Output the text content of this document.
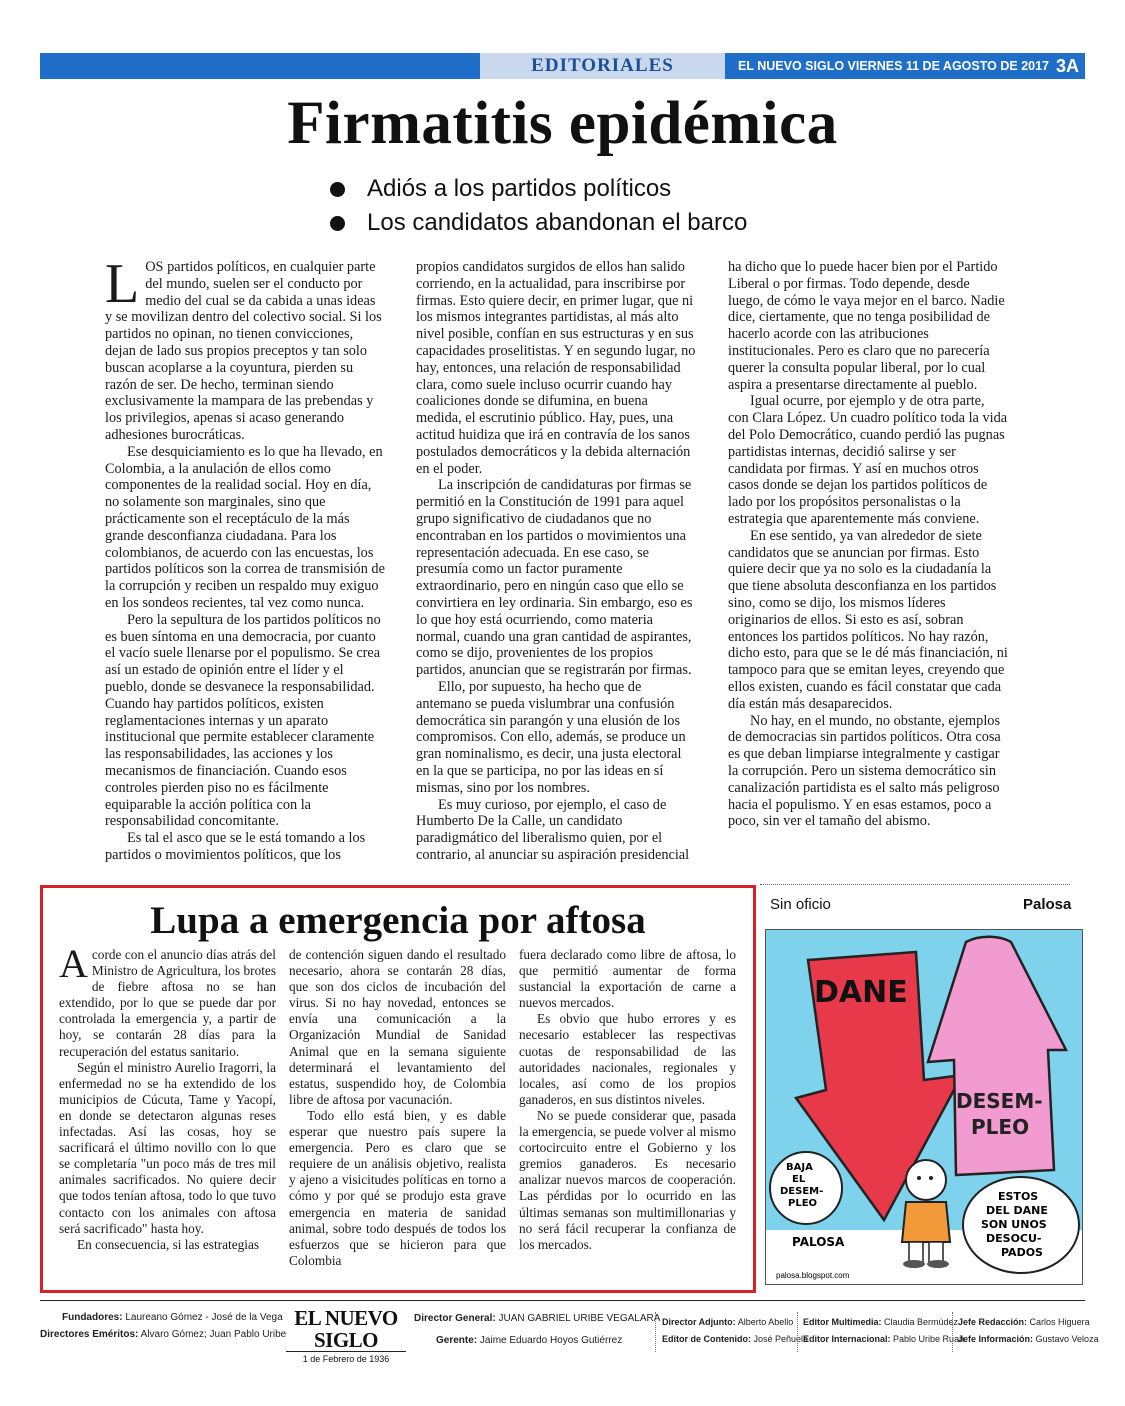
EDITORIALES	EL NUEVO SIGLO VIERNES 11 DE AGOSTO DE 2017 3A
Firmatitis epidémica
Adiós a los partidos políticos
Los candidatos abandonan el barco

LOS partidos políticos, en cualquier parte del mundo, suelen ser el conducto por medio del cual se da cabida a unas ideas y se movilizan dentro del colectivo social. Si los partidos no opinan, no tienen convicciones, dejan de lado sus propios preceptos y tan solo buscan acoplarse a la coyuntura, pierden su razón de ser. De hecho, terminan siendo exclusivamente la mampara de las prebendas y los privilegios, apenas si acaso generando adhesiones burocráticas.

Ese desquiciamiento es lo que ha llevado, en Colombia, a la anulación de ellos como componentes de la realidad social. Hoy en día, no solamente son marginales, sino que prácticamente son el receptáculo de la más grande desconfianza ciudadana. Para los colombianos, de acuerdo con las encuestas, los partidos políticos son la correa de transmisión de la corrupción y reciben un respaldo muy exiguo en los sondeos recientes, tal vez como nunca.

Pero la sepultura de los partidos políticos no es buen síntoma en una democracia, por cuanto el vacío suele llenarse por el populismo. Se crea así un estado de opinión entre el líder y el pueblo, donde se desvanece la responsabilidad. Cuando hay partidos políticos, existen reglamentaciones internas y un aparato institucional que permite establecer claramente las responsabilidades, las acciones y los mecanismos de financiación. Cuando esos controles pierden piso no es fácilmente equiparable la acción política con la responsabilidad concomitante.

Es tal el asco que se le está tomando a los partidos o movimientos políticos, que los

propios candidatos surgidos de ellos han salido corriendo, en la actualidad, para inscribirse por firmas. Esto quiere decir, en primer lugar, que ni los mismos integrantes partidistas, al más alto nivel posible, confían en sus estructuras y en sus capacidades proselitistas. Y en segundo lugar, no hay, entonces, una relación de responsabilidad clara, como suele incluso ocurrir cuando hay coaliciones donde se difumina, en buena medida, el escrutinio público. Hay, pues, una actitud huidiza que irá en contravía de los sanos postulados democráticos y la debida alternación en el poder.

La inscripción de candidaturas por firmas se permitió en la Constitución de 1991 para aquel grupo significativo de ciudadanos que no encontraban en los partidos o movimientos una representación adecuada. En ese caso, se presumía como un factor puramente extraordinario, pero en ningún caso que ello se convirtiera en ley ordinaria. Sin embargo, eso es lo que hoy está ocurriendo, como materia normal, cuando una gran cantidad de aspirantes, como se dijo, provenientes de los propios partidos, anuncian que se registrarán por firmas.

Ello, por supuesto, ha hecho que de antemano se pueda vislumbrar una confusión democrática sin parangón y una elusión de los compromisos. Con ello, además, se produce un gran nominalismo, es decir, una justa electoral en la que se participa, no por las ideas en sí mismas, sino por los nombres.

Es muy curioso, por ejemplo, el caso de Humberto De la Calle, un candidato paradigmático del liberalismo quien, por el contrario, al anunciar su aspiración presidencial

ha dicho que lo puede hacer bien por el Partido Liberal o por firmas. Todo depende, desde luego, de cómo le vaya mejor en el barco. Nadie dice, ciertamente, que no tenga posibilidad de hacerlo acorde con las atribuciones institucionales. Pero es claro que no parecería querer la consulta popular liberal, por lo cual aspira a presentarse directamente al pueblo.

Igual ocurre, por ejemplo y de otra parte, con Clara López. Un cuadro político toda la vida del Polo Democrático, cuando perdió las pugnas partidistas internas, decidió salirse y ser candidata por firmas. Y así en muchos otros casos donde se dejan los partidos políticos de lado por los propósitos personalistas o la estrategia que aparentemente más conviene.

En ese sentido, ya van alrededor de siete candidatos que se anuncian por firmas. Esto quiere decir que ya no solo es la ciudadanía la que tiene absoluta desconfianza en los partidos sino, como se dijo, los mismos líderes originarios de ellos. Si esto es así, sobran entonces los partidos políticos. No hay razón, dicho esto, para que se le dé más financiación, ni tampoco para que se emitan leyes, creyendo que ellos existen, cuando es fácil constatar que cada día están más desaparecidos.

No hay, en el mundo, no obstante, ejemplos de democracias sin partidos políticos. Otra cosa es que deban limpiarse integralmente y castigar la corrupción. Pero un sistema democrático sin canalización partidista es el salto más peligroso hacia el populismo. Y en esas estamos, poco a poco, sin ver el tamaño del abismo.

Lupa a emergencia por aftosa

Acorde con el anuncio días atrás del Ministro de Agricultura, los brotes de fiebre aftosa no se han extendido, por lo que se puede dar por controlada la emergencia y, a partir de hoy, se contarán 28 días para la recuperación del estatus sanitario.

Según el ministro Aurelio Iragorri, la enfermedad no se ha extendido de los municipios de Cúcuta, Tame y Yacopí, en donde se detectaron algunas reses infectadas. Así las cosas, hoy se sacrificará el último novillo con lo que se completaría "un poco más de tres mil animales sacrificados. No quiere decir que todos tenían aftosa, todo lo que tuvo contacto con los animales con aftosa será sacrificado" hasta hoy.

En consecuencia, si las estrategias

de contención siguen dando el resultado necesario, ahora se contarán 28 días, que son dos ciclos de incubación del virus. Si no hay novedad, entonces se envía una comunicación a la Organización Mundial de Sanidad Animal que en la semana siguiente determinará el levantamiento del estatus, suspendido hoy, de Colombia libre de aftosa por vacunación.

Todo ello está bien, y es dable esperar que nuestro país supere la emergencia. Pero es claro que se requiere de un análisis objetivo, realista y ajeno a visicitudes políticas en torno a cómo y por qué se produjo esta grave emergencia en materia de sanidad animal, sobre todo después de todos los esfuerzos que se hicieron para que Colombia

fuera declarado como libre de aftosa, lo que permitió aumentar de forma sustancial la exportación de carne a nuevos mercados.

Es obvio que hubo errores y es necesario establecer las respectivas cuotas de responsabilidad de las autoridades nacionales, regionales y locales, así como de los propios ganaderos, en sus distintos niveles.

No se puede considerar que, pasada la emergencia, se puede volver al mismo cortocircuito entre el Gobierno y los gremios ganaderos. Es necesario analizar nuevos marcos de cooperación. Las pérdidas por lo ocurrido en las últimas semanas son multimillonarias y no será fácil recuperar la confianza de los mercados.

Sin oficio	Palosa
DANE
DESEM-
PLEO
BAJA
EL
DESEM-
PLEO
ESTOS
DEL DANE
SON UNOS
DESOCU-
PADOS
PALOSA
palosa.blogspot.com
Fundadores: Laureano Gómez - José de la Vega
Directores Eméritos: Alvaro Gómez; Juan Pablo Uribe
EL NUEVO SIGLO
1 de Febrero de 1936
Director General: JUAN GABRIEL URIBE VEGALARA
Gerente: Jaime Eduardo Hoyos Gutiérrez
Director Adjunto: Alberto Abello
Editor de Contenido: José Peñuela
Editor Multimedia: Claudia Bermúdez
Editor Internacional: Pablo Uribe Ruan
Jefe Redacción: Carlos Higuera
Jefe Información: Gustavo Veloza
